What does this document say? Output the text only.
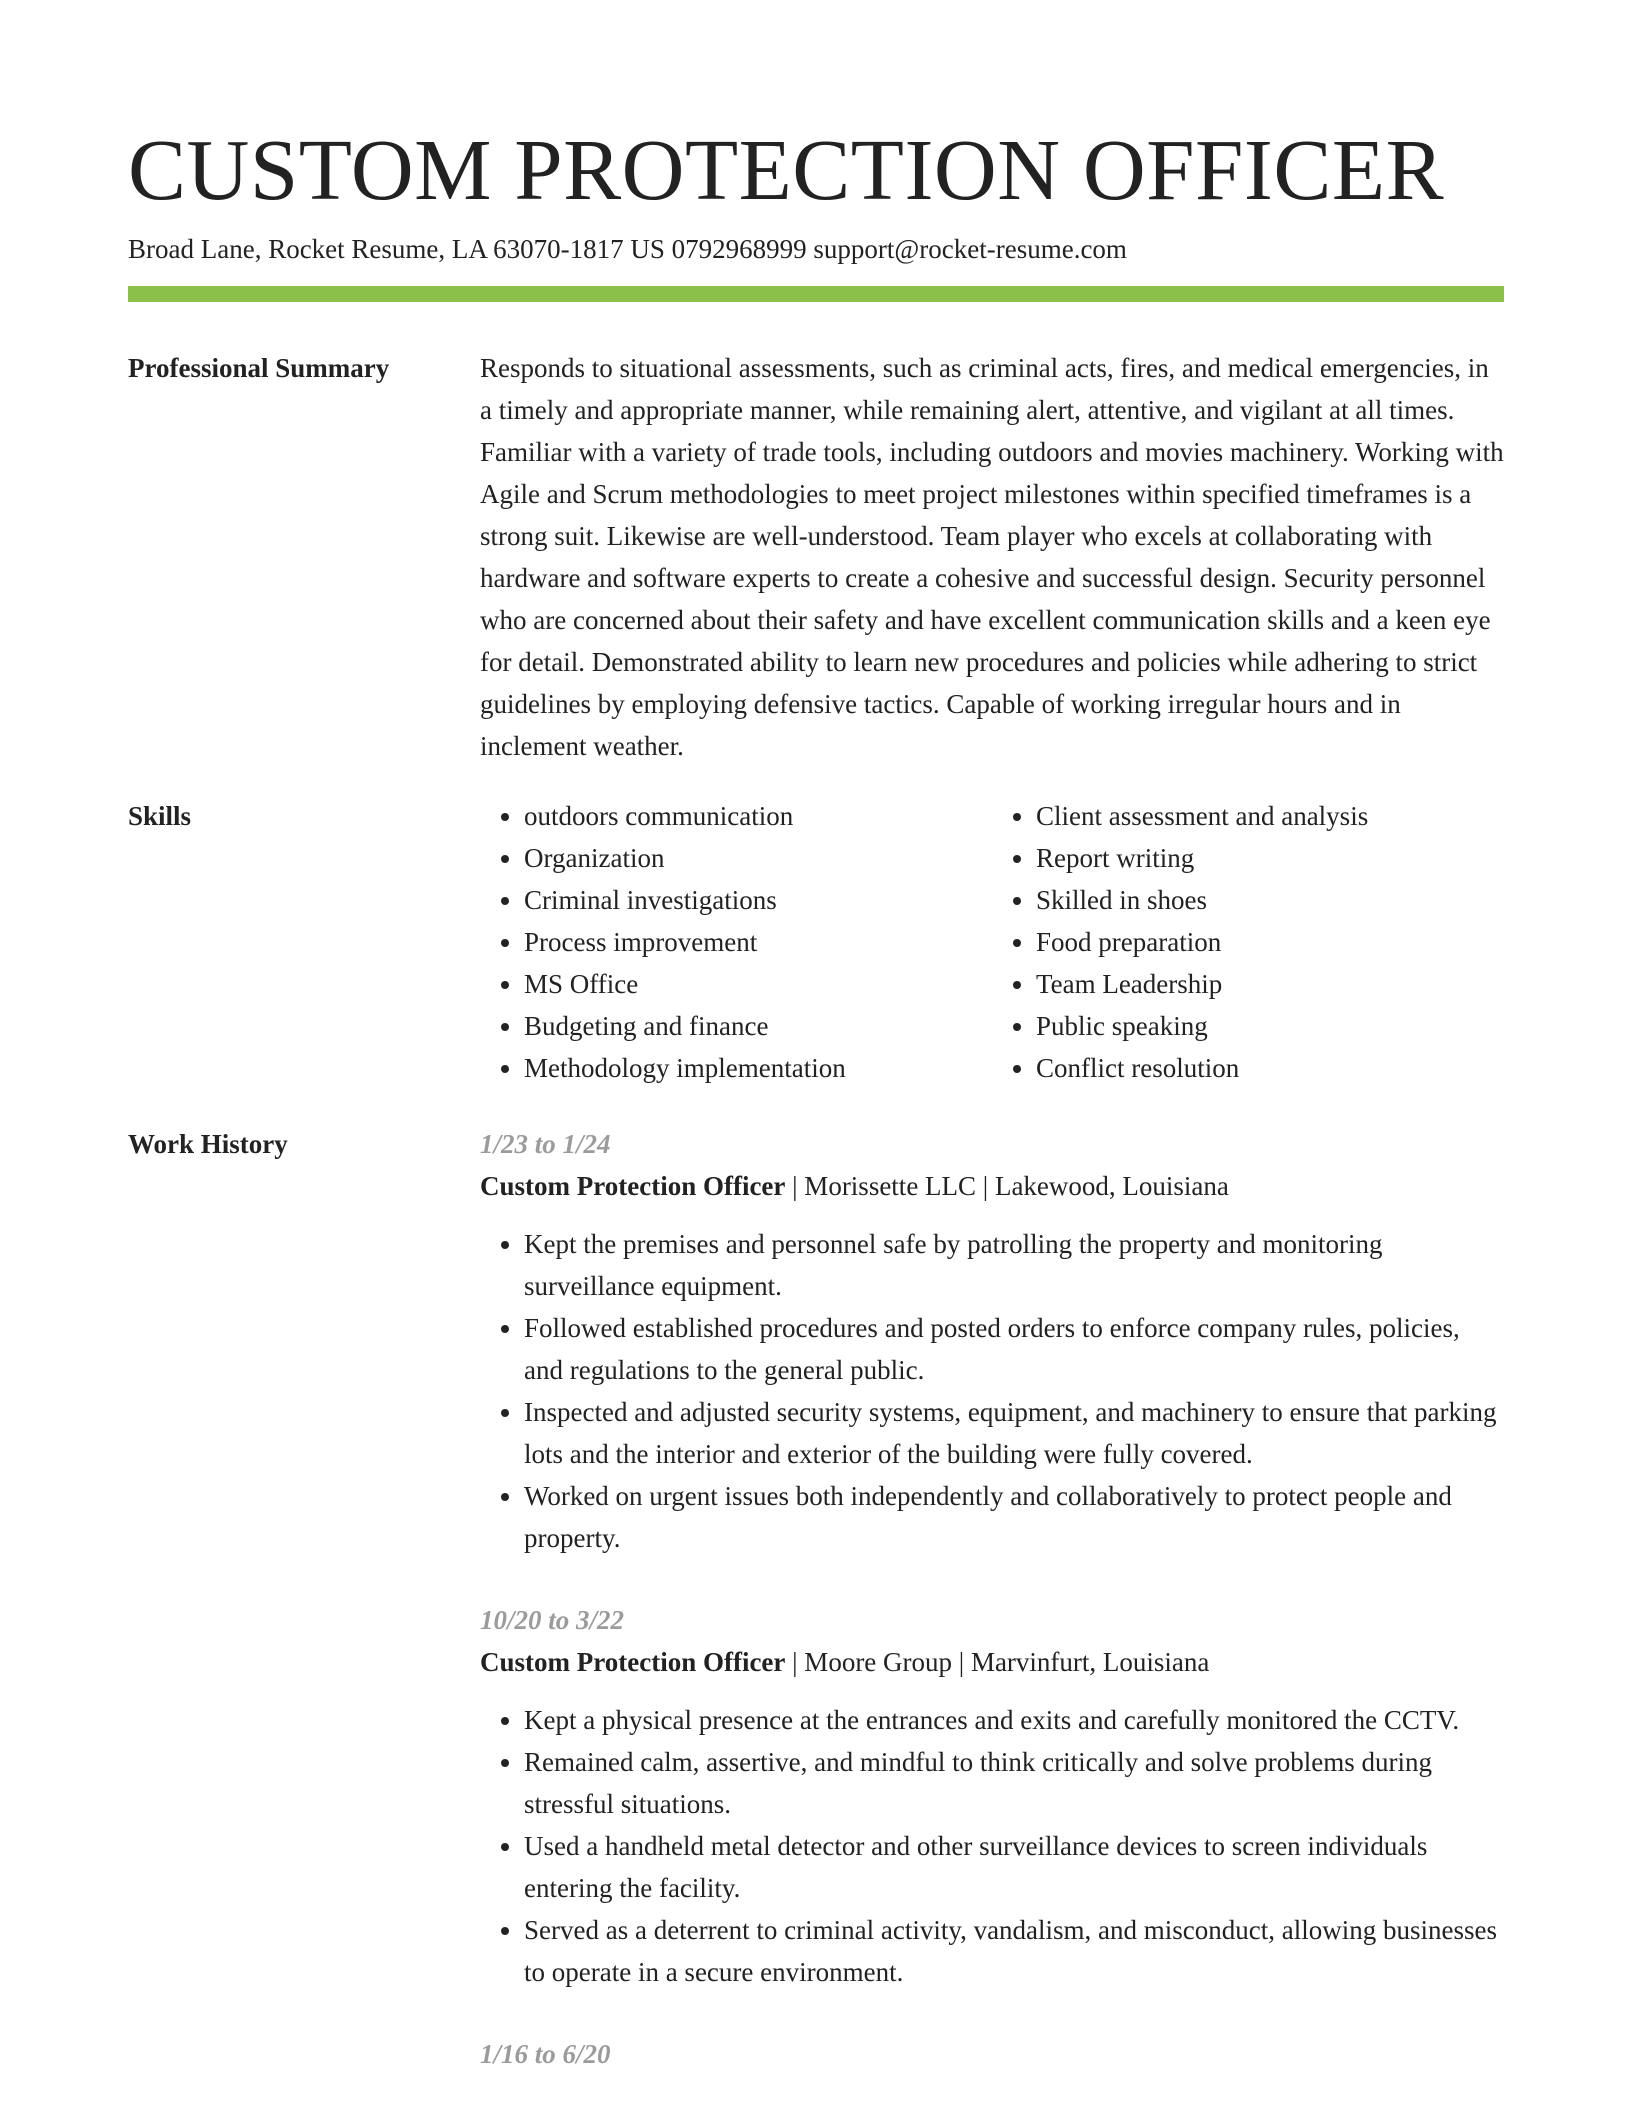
CUSTOM PROTECTION OFFICER
Broad Lane, Rocket Resume, LA 63070-1817 US 0792968999 support@rocket-resume.com
Professional Summary	Responds to situational assessments, such as criminal acts, fires, and medical emergencies, in a timely and appropriate manner, while remaining alert, attentive, and vigilant at all times. Familiar with a variety of trade tools, including outdoors and movies machinery. Working with Agile and Scrum methodologies to meet project milestones within specified timeframes is a strong suit. Likewise are well-understood. Team player who excels at collaborating with hardware and software experts to create a cohesive and successful design. Security personnel who are concerned about their safety and have excellent communication skills and a keen eye for detail. Demonstrated ability to learn new procedures and policies while adhering to strict guidelines by employing defensive tactics. Capable of working irregular hours and in inclement weather.

Skills
•	outdoors communication
• Organization
• Criminal investigations
• Process improvement
• MS Office
• Budgeting and finance
• Methodology implementation
• Client assessment and analysis
• Report writing
• Skilled in shoes
• Food preparation
• Team Leadership
• Public speaking
• Conflict resolution
Work History	1/23 to 1/24
Custom Protection Officer | Morissette LLC | Lakewood, Louisiana
• Kept the premises and personnel safe by patrolling the property and monitoring surveillance equipment.
• Followed established procedures and posted orders to enforce company rules, policies, and regulations to the general public.
• Inspected and adjusted security systems, equipment, and machinery to ensure that parking lots and the interior and exterior of the building were fully covered.
• Worked on urgent issues both independently and collaboratively to protect people and property.
10/20 to 3/22
Custom Protection Officer | Moore Group | Marvinfurt, Louisiana
• Kept a physical presence at the entrances and exits and carefully monitored the CCTV.
• Remained calm, assertive, and mindful to think critically and solve problems during stressful situations.
• Used a handheld metal detector and other surveillance devices to screen individuals entering the facility.
• Served as a deterrent to criminal activity, vandalism, and misconduct, allowing businesses to operate in a secure environment.
1/16 to 6/20
